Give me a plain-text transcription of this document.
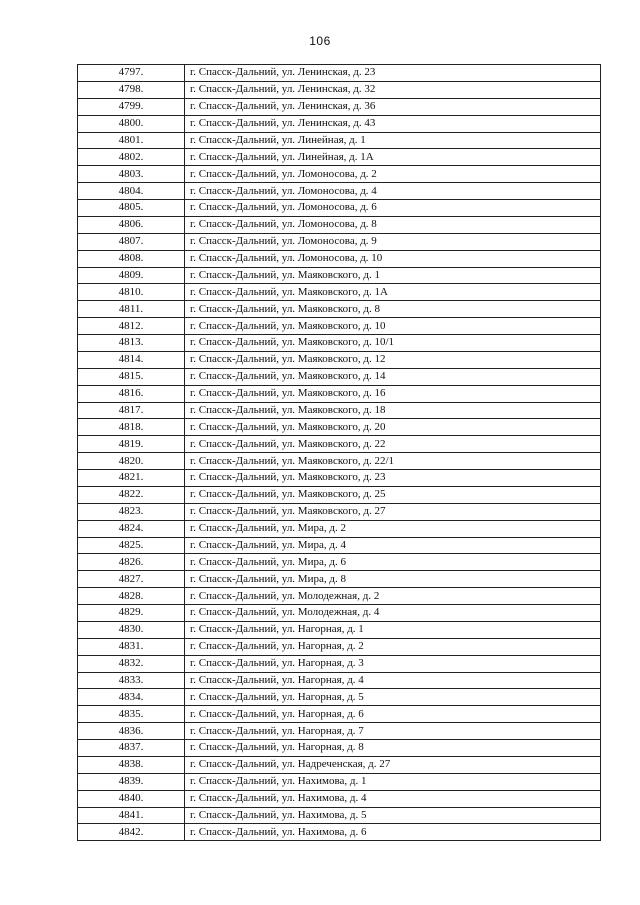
106
4797.	г. Спасск-Дальний, ул. Ленинская, д. 23
4798.	г. Спасск-Дальний, ул. Ленинская, д. 32
4799.	г. Спасск-Дальний, ул. Ленинская, д. 36
4800.	г. Спасск-Дальний, ул. Ленинская, д. 43
4801.	г. Спасск-Дальний, ул. Линейная, д. 1
4802.	г. Спасск-Дальний, ул. Линейная, д. 1А
4803.	г. Спасск-Дальний, ул. Ломоносова, д. 2
4804.	г. Спасск-Дальний, ул. Ломоносова, д. 4
4805.	г. Спасск-Дальний, ул. Ломоносова, д. 6
4806.	г. Спасск-Дальний, ул. Ломоносова, д. 8
4807.	г. Спасск-Дальний, ул. Ломоносова, д. 9
4808.	г. Спасск-Дальний, ул. Ломоносова, д. 10
4809.	г. Спасск-Дальний, ул. Маяковского, д. 1
4810.	г. Спасск-Дальний, ул. Маяковского, д. 1А
4811.	г. Спасск-Дальний, ул. Маяковского, д. 8
4812.	г. Спасск-Дальний, ул. Маяковского, д. 10
4813.	г. Спасск-Дальний, ул. Маяковского, д. 10/1
4814.	г. Спасск-Дальний, ул. Маяковского, д. 12
4815.	г. Спасск-Дальний, ул. Маяковского, д. 14
4816.	г. Спасск-Дальний, ул. Маяковского, д. 16
4817.	г. Спасск-Дальний, ул. Маяковского, д. 18
4818.	г. Спасск-Дальний, ул. Маяковского, д. 20
4819.	г. Спасск-Дальний, ул. Маяковского, д. 22
4820.	г. Спасск-Дальний, ул. Маяковского, д. 22/1
4821.	г. Спасск-Дальний, ул. Маяковского, д. 23
4822.	г. Спасск-Дальний, ул. Маяковского, д. 25
4823.	г. Спасск-Дальний, ул. Маяковского, д. 27
4824.	г. Спасск-Дальний, ул. Мира, д. 2
4825.	г. Спасск-Дальний, ул. Мира, д. 4
4826.	г. Спасск-Дальний, ул. Мира, д. 6
4827.	г. Спасск-Дальний, ул. Мира, д. 8
4828.	г. Спасск-Дальний, ул. Молодежная, д. 2
4829.	г. Спасск-Дальний, ул. Молодежная, д. 4
4830.	г. Спасск-Дальний, ул. Нагорная, д. 1
4831.	г. Спасск-Дальний, ул. Нагорная, д. 2
4832.	г. Спасск-Дальний, ул. Нагорная, д. 3
4833.	г. Спасск-Дальний, ул. Нагорная, д. 4
4834.	г. Спасск-Дальний, ул. Нагорная, д. 5
4835.	г. Спасск-Дальний, ул. Нагорная, д. 6
4836.	г. Спасск-Дальний, ул. Нагорная, д. 7
4837.	г. Спасск-Дальний, ул. Нагорная, д. 8
4838.	г. Спасск-Дальний, ул. Надреченская, д. 27
4839.	г. Спасск-Дальний, ул. Нахимова, д. 1
4840.	г. Спасск-Дальний, ул. Нахимова, д. 4
4841.	г. Спасск-Дальний, ул. Нахимова, д. 5
4842.	г. Спасск-Дальний, ул. Нахимова, д. 6
